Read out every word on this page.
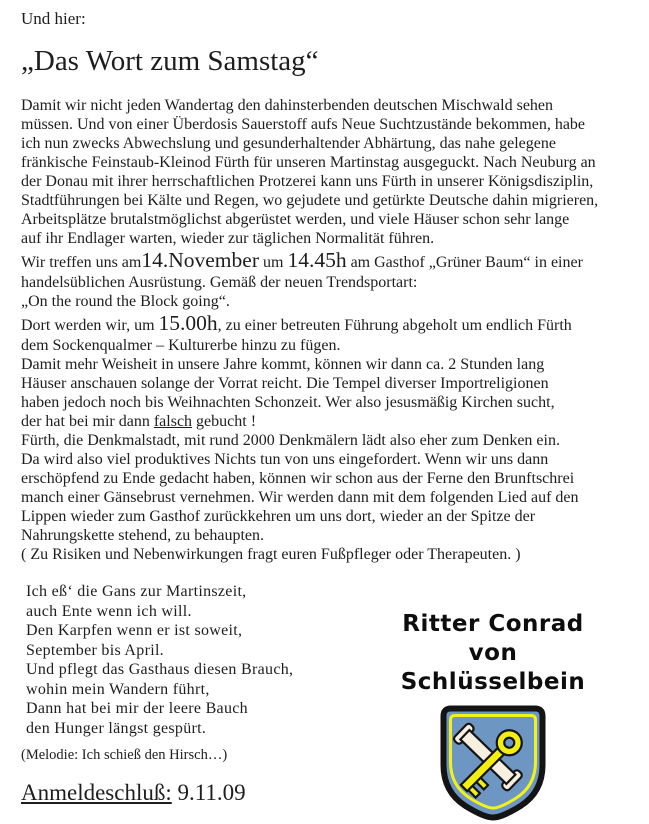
Und hier:
„Das Wort zum Samstag“
Damit wir nicht jeden Wandertag den dahinsterbenden deutschen Mischwald sehen
müssen. Und von einer Überdosis Sauerstoff aufs Neue Suchtzustände bekommen, habe
ich nun zwecks Abwechslung und gesunderhaltender Abhärtung, das nahe gelegene
fränkische Feinstaub-Kleinod Fürth für unseren Martinstag ausgeguckt. Nach Neuburg an
der Donau mit ihrer herrschaftlichen Protzerei kann uns Fürth in unserer Königsdisziplin,
Stadtführungen bei Kälte und Regen, wo gejudete und getürkte Deutsche dahin migrieren,
Arbeitsplätze brutalstmöglichst abgerüstet werden, und viele Häuser schon sehr lange
auf ihr Endlager warten, wieder zur täglichen Normalität führen.
Wir treffen uns am14.November um 14.45h am Gasthof „Grüner Baum“ in einer
handelsüblichen Ausrüstung. Gemäß der neuen Trendsportart:
„On the round the Block going“.
Dort werden wir, um 15.00h, zu einer betreuten Führung abgeholt um endlich Fürth
dem Sockenqualmer – Kulturerbe hinzu zu fügen.
Damit mehr Weisheit in unsere Jahre kommt, können wir dann ca. 2 Stunden lang
Häuser anschauen solange der Vorrat reicht. Die Tempel diverser Importreligionen
haben jedoch noch bis Weihnachten Schonzeit. Wer also jesusmäßig Kirchen sucht,
der hat bei mir dann falsch gebucht !
Fürth, die Denkmalstadt, mit rund 2000 Denkmälern lädt also eher zum Denken ein.
Da wird also viel produktives Nichts tun von uns eingefordert. Wenn wir uns dann
erschöpfend zu Ende gedacht haben, können wir schon aus der Ferne den Brunftschrei
manch einer Gänsebrust vernehmen. Wir werden dann mit dem folgenden Lied auf den
Lippen wieder zum Gasthof zurückkehren um uns dort, wieder an der Spitze der
Nahrungskette stehend, zu behaupten.
( Zu Risiken und Nebenwirkungen fragt euren Fußpfleger oder Therapeuten. )
Ich eß‘ die Gans zur Martinszeit,
auch Ente wenn ich will.
Den Karpfen wenn er ist soweit,
September bis April.
Und pflegt das Gasthaus diesen Brauch,
wohin mein Wandern führt,
Dann hat bei mir der leere Bauch
den Hunger längst gespürt.
(Melodie: Ich schieß den Hirsch…)
Anmeldeschluß: 9.11.09
Ritter Conrad
von
Schlüsselbein
